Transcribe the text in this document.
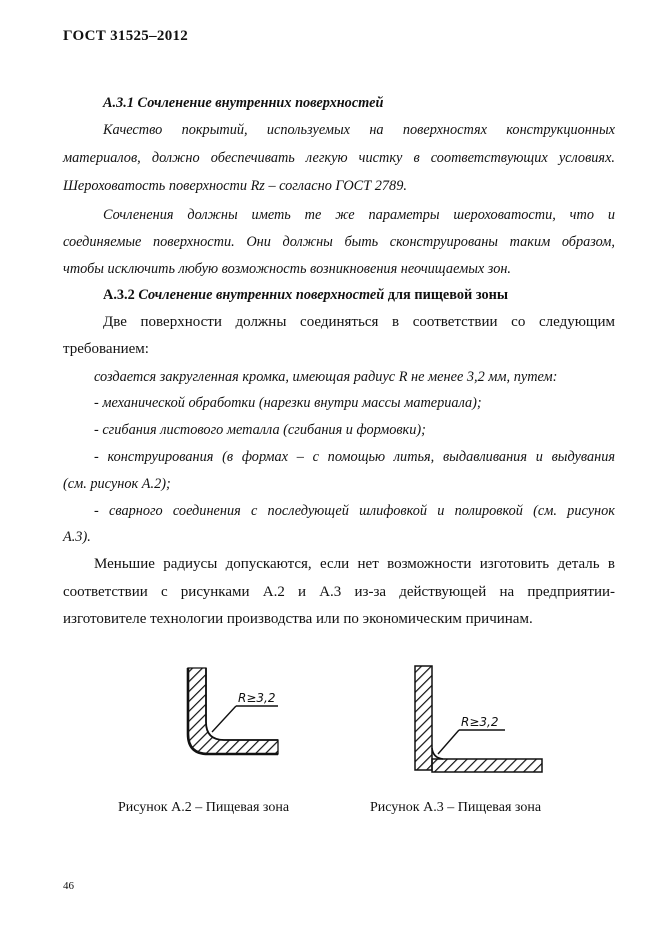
ГОСТ 31525–2012
А.3.1 Сочленение внутренних поверхностей
Качество покрытий, используемых на поверхностях конструкционных
материалов, должно обеспечивать легкую чистку в соответствующих условиях.
Шероховатость поверхности Rz – согласно ГОСТ 2789.
Сочленения должны иметь те же параметры шероховатости, что и
соединяемые поверхности. Они должны быть сконструированы таким образом,
чтобы исключить любую возможность возникновения неочищаемых зон.
А.3.2 Сочленение внутренних поверхностей для пищевой зоны
Две поверхности должны соединяться в соответствии со следующим
требованием:
создается закругленная кромка, имеющая радиус R не менее 3,2 мм, путем:
- механической обработки (нарезки внутри массы материала);
- сгибания листового металла (сгибания и формовки);
- конструирования (в формах – с помощью литья, выдавливания и выдувания
(см. рисунок А.2);
- сварного соединения с последующей шлифовкой и полировкой (см. рисунок
А.3).
Меньшие радиусы допускаются, если нет возможности изготовить деталь в
соответствии с рисунками А.2 и А.3 из-за действующей на предприятии-
изготовителе технологии производства или по экономическим причинам.
R≥3,2
R≥3,2
Рисунок А.2 – Пищевая зона	Рисунок А.3 – Пищевая зона
46
